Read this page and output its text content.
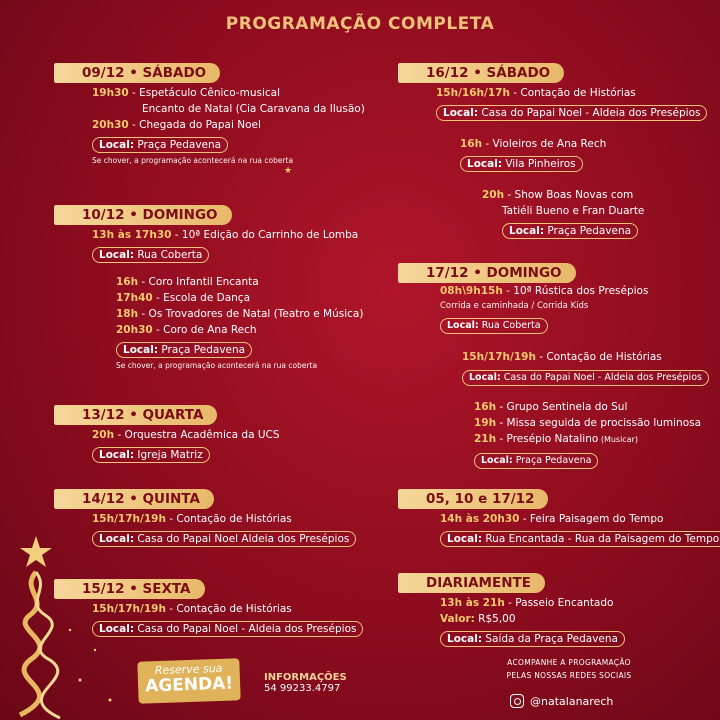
PROGRAMAÇÃO COMPLETA
09/12 • SÁBADO
19h30 - Espetáculo Cênico-musical
Encanto de Natal (Cia Caravana da Ilusão)
20h30 - Chegada do Papai Noel
Local: Praça Pedavena
Se chover, a programação acontecerá na rua coberta
10/12 • DOMINGO
13h às 17h30 - 10ª Edição do Carrinho de Lomba
Local: Rua Coberta
16h - Coro Infantil Encanta
17h40 - Escola de Dança
18h - Os Trovadores de Natal (Teatro e Música)
20h30 - Coro de Ana Rech
Local: Praça Pedavena
Se chover, a programação acontecerá na rua coberta
13/12 • QUARTA
20h - Orquestra Acadêmica da UCS
Local: Igreja Matriz
14/12 • QUINTA
15h/17h/19h - Contação de Histórias
Local: Casa do Papai Noel Aldeia dos Presépios
15/12 • SEXTA
15h/17h/19h - Contação de Histórias
Local: Casa do Papai Noel - Aldeia dos Presépios
16/12 • SÁBADO
15h/16h/17h - Contação de Histórias
Local: Casa do Papai Noel - Aldeia dos Presépios
16h - Violeiros de Ana Rech
Local: Vila Pinheiros
20h - Show Boas Novas com
Tatiéli Bueno e Fran Duarte
Local: Praça Pedavena
17/12 • DOMINGO
08h\9h15h - 10ª Rústica dos Presépios
Corrida e caminhada / Corrida Kids
Local: Rua Coberta
15h/17h/19h - Contação de Histórias
Local: Casa do Papai Noel - Aldeia dos Presépios
16h - Grupo Sentinela do Sul
19h - Missa seguida de procissão luminosa
21h - Presépio Natalino (Musicar)
Local: Praça Pedavena
05, 10 e 17/12
14h às 20h30 - Feira Paisagem do Tempo
Local: Rua Encantada - Rua da Paisagem do Tempo
DIARIAMENTE
13h às 21h - Passeio Encantado
Valor: R$5,00
Local: Saída da Praça Pedavena
★
Reserve sua
AGENDA!	INFORMAÇÕES
54 99233.4797
ACOMPANHE A PROGRAMAÇÃO
PELAS NOSSAS REDES SOCIAIS
@natalanarech
